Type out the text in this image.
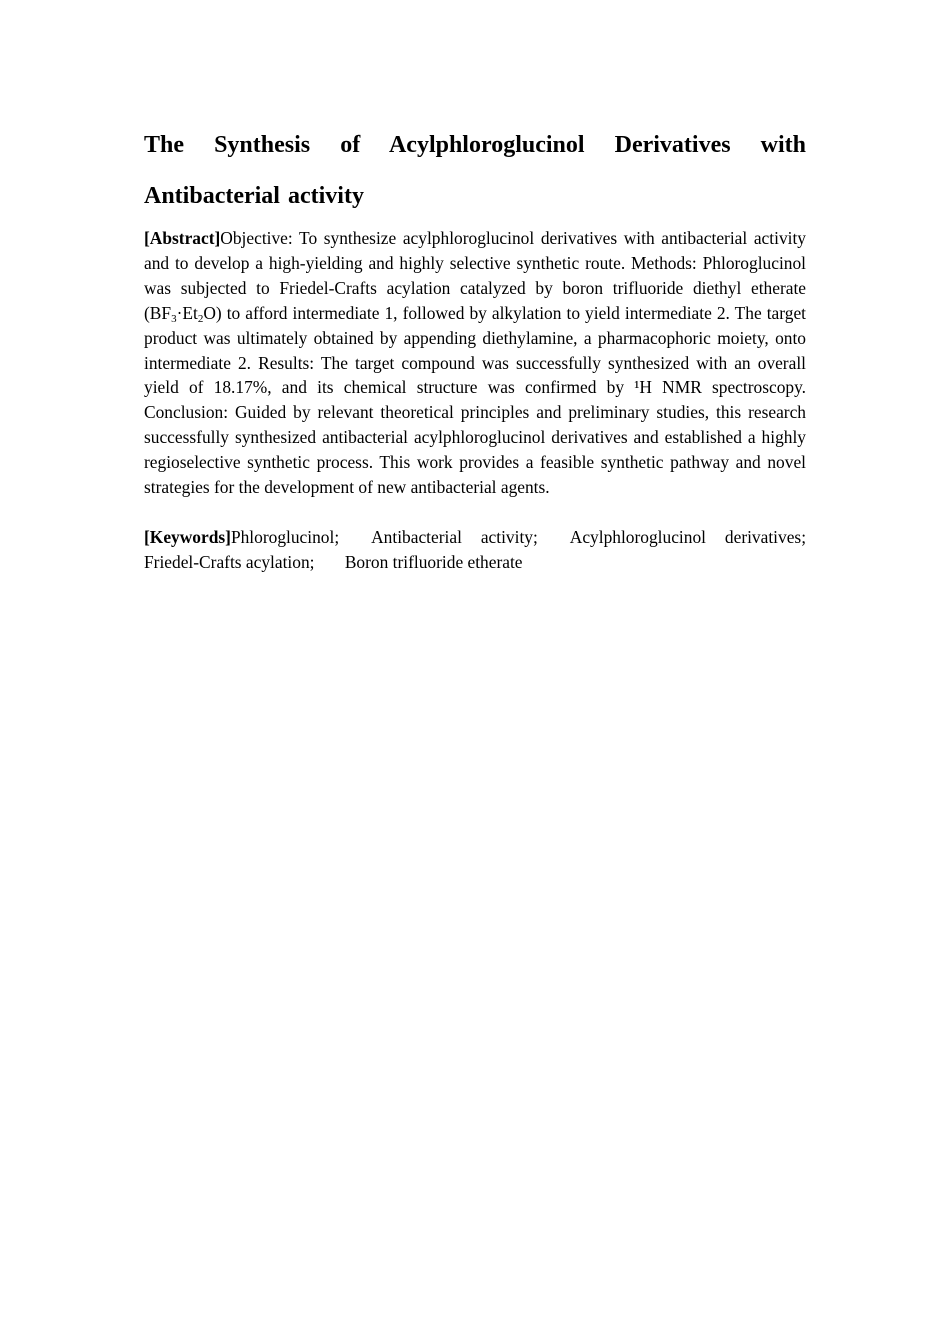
The Synthesis of Acylphloroglucinol Derivatives with Antibacterial activity

[Abstract]Objective: To synthesize acylphloroglucinol derivatives with antibacterial activity and to develop a high-yielding and highly selective synthetic route. Methods: Phloroglucinol was subjected to Friedel-Crafts acylation catalyzed by boron trifluoride diethyl etherate $(BF_3\cdot Et_2O)$ to afford intermediate 1, followed by alkylation to yield intermediate 2. The target product was ultimately obtained by appending diethylamine, a pharmacophoric moiety, onto intermediate 2. Results: The target compound was successfully synthesized with an overall yield of 18.17%, and its chemical structure was confirmed by ¹H NMR spectroscopy. Conclusion: Guided by relevant theoretical principles and preliminary studies, this research successfully synthesized antibacterial acylphloroglucinol derivatives and established a highly regioselective synthetic process. This work provides a feasible synthetic pathway and novel strategies for the development of new antibacterial agents.

[Keywords]Phloroglucinol; Antibacterial activity; Acylphloroglucinol derivatives; Friedel-Crafts acylation; Boron trifluoride etherate
